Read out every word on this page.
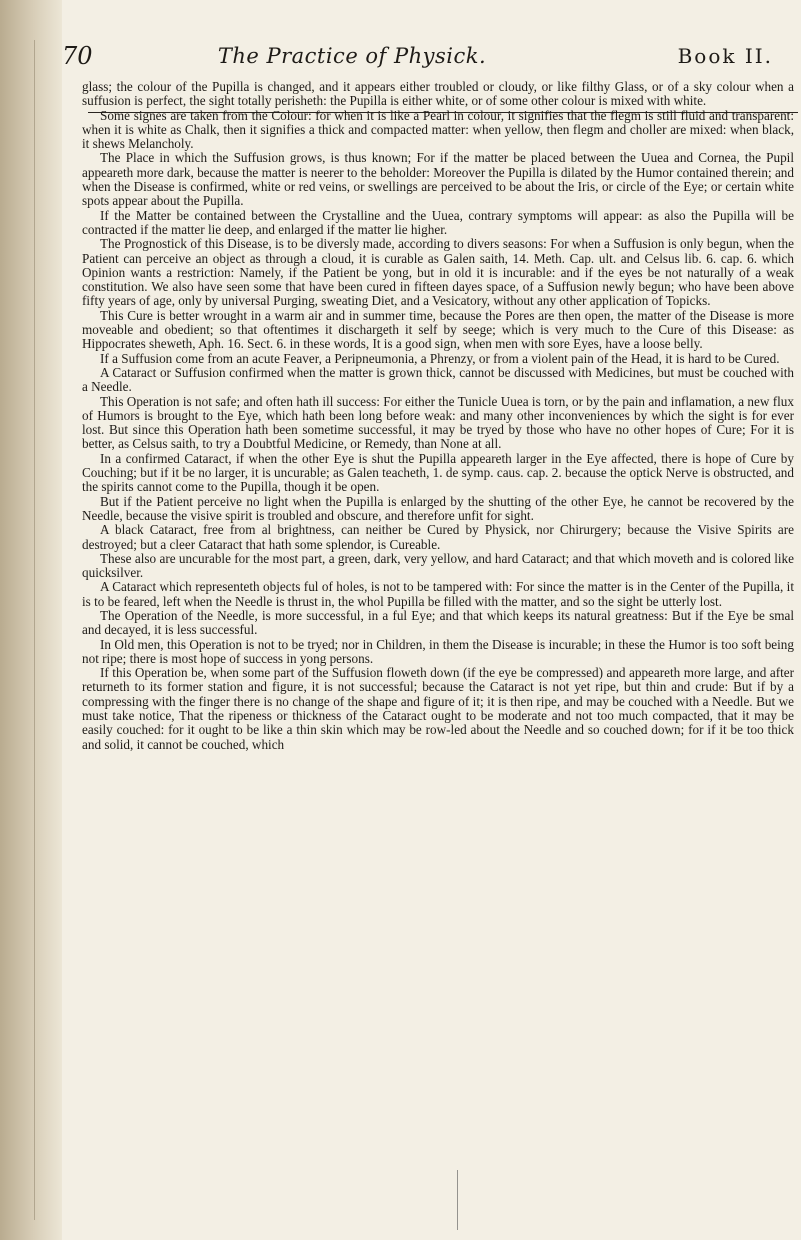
70	The Practice of Physick.	Book II.

glass; the colour of the Pupilla is changed, and it appears either troubled or cloudy, or like filthy Glass, or of a sky colour when a suffusion is perfect, the sight totally perisheth: the Pupilla is either white, or of some other colour is mixed with white.

Some signes are taken from the Colour: for when it is like a Pearl in colour, it signifies that the flegm is still fluid and transparent: when it is white as Chalk, then it signifies a thick and compacted matter: when yellow, then flegm and choller are mixed: when black, it shews Melancholy.

The Place in which the Suffusion grows, is thus known; For if the matter be placed between the Uuea and Cornea, the Pupil appeareth more dark, because the matter is neerer to the beholder: Moreover the Pupilla is dilated by the Humor contained therein; and when the Disease is confirmed, white or red veins, or swellings are perceived to be about the Iris, or circle of the Eye; or certain white spots appear about the Pupilla.

If the Matter be contained between the Crystalline and the Uuea, contrary symptoms will appear: as also the Pupilla will be contracted if the matter lie deep, and enlarged if the matter lie higher.

The Prognostick of this Disease, is to be diversly made, according to divers seasons: For when a Suffusion is only begun, when the Patient can perceive an object as through a cloud, it is curable as Galen saith, 14. Meth. Cap. ult. and Celsus lib. 6. cap. 6. which Opinion wants a restriction: Namely, if the Patient be yong, but in old it is incurable: and if the eyes be not naturally of a weak constitution. We also have seen some that have been cured in fifteen dayes space, of a Suffusion newly begun; who have been above fifty years of age, only by universal Purging, sweating Diet, and a Vesicatory, without any other application of Topicks.

This Cure is better wrought in a warm air and in summer time, because the Pores are then open, the matter of the Disease is more moveable and obedient; so that oftentimes it dischargeth it self by seege; which is very much to the Cure of this Disease: as Hippocrates sheweth, Aph. 16. Sect. 6. in these words, It is a good sign, when men with sore Eyes, have a loose belly.

If a Suffusion come from an acute Feaver, a Peripneumonia, a Phrenzy, or from a violent pain of the Head, it is hard to be Cured.

A Cataract or Suffusion confirmed when the matter is grown thick, cannot be discussed with Medicines, but must be couched with a Needle.

This Operation is not safe; and often hath ill success: For either the Tunicle Uuea is torn, or by the pain and inflamation, a new flux of Humors is brought to the Eye, which hath been long before weak: and many other inconveniences by which the sight is for ever lost. But since this Operation hath been sometime successful, it may be tryed by those who have no other hopes of Cure; For it is better, as Celsus saith, to try a Doubtful Medicine, or Remedy, than None at all.

In a confirmed Cataract, if when the other Eye is shut the Pupilla appeareth larger in the Eye affected, there is hope of Cure by Couching; but if it be no larger, it is uncurable; as Galen teacheth, 1. de symp. caus. cap. 2. because the optick Nerve is obstructed, and the spirits cannot come to the Pupilla, though it be open.

But if the Patient perceive no light when the Pupilla is enlarged by the shutting of the other Eye, he cannot be recovered by the Needle, because the visive spirit is troubled and obscure, and therefore unfit for sight.

A black Cataract, free from al brightness, can neither be Cured by Physick, nor Chirurgery; because the Visive Spirits are destroyed; but a cleer Cataract that hath some splendor, is Cureable.

These also are uncurable for the most part, a green, dark, very yellow, and hard Cataract; and that which moveth and is colored like quicksilver.

A Cataract which representeth objects ful of holes, is not to be tampered with: For since the matter is in the Center of the Pupilla, it is to be feared, left when the Needle is thrust in, the whol Pupilla be filled with the matter, and so the sight be utterly lost.

The Operation of the Needle, is more successful, in a ful Eye; and that which keeps its natural greatness: But if the Eye be smal and decayed, it is less successful.

In Old men, this Operation is not to be tryed; nor in Children, in them the Disease is incurable; in these the Humor is too soft being not ripe; there is most hope of success in yong persons.

If this Operation be, when some part of the Suffusion floweth down (if the eye be compressed) and appeareth more large, and after returneth to its former station and figure, it is not successful; because the Cataract is not yet ripe, but thin and crude: But if by a compressing with the finger there is no change of the shape and figure of it; it is then ripe, and may be couched with a Needle. But we must take notice, That the ripeness or thickness of the Cataract ought to be moderate and not too much compacted, that it may be easily couched: for it ought to be like a thin skin which may be row-led about the Needle and so couched down; for if it be too thick and solid, it cannot be couched, which
